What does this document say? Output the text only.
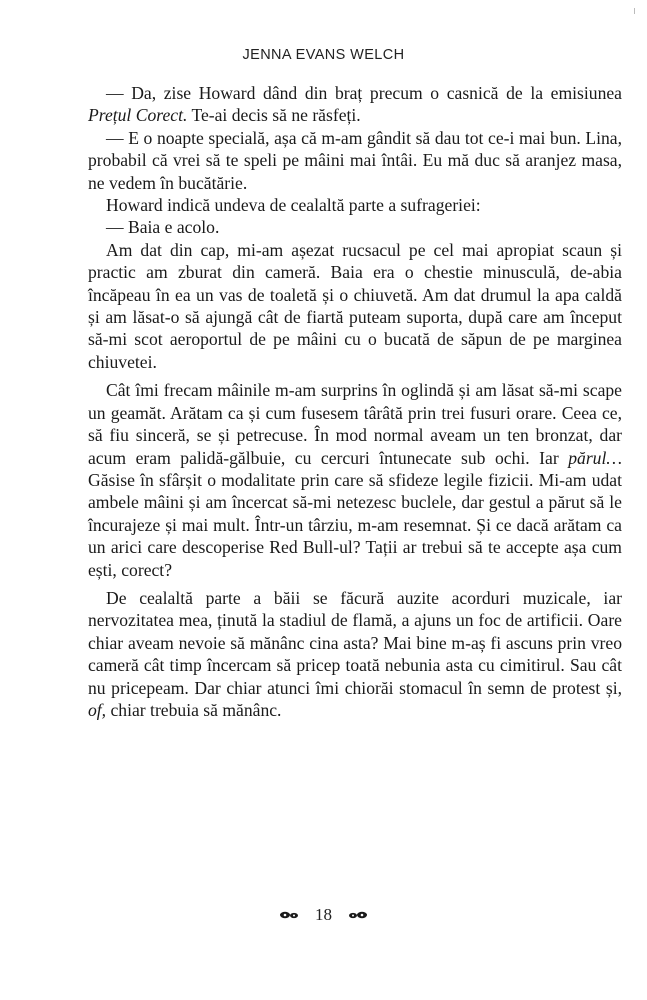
JENNA EVANS WELCH

— Da, zise Howard dând din braț precum o casnică de la emisiunea Prețul Corect. Te-ai decis să ne răsfeți.

— E o noapte specială, așa că m-am gândit să dau tot ce-i mai bun. Lina, probabil că vrei să te speli pe mâini mai întâi. Eu mă duc să aranjez masa, ne vedem în bucătărie.

Howard indică undeva de cealaltă parte a sufrageriei:

— Baia e acolo.

Am dat din cap, mi-am așezat rucsacul pe cel mai apropiat scaun și practic am zburat din cameră. Baia era o chestie minusculă, de-abia încăpeau în ea un vas de toaletă și o chiuvetă. Am dat drumul la apa caldă și am lăsat-o să ajungă cât de fiartă puteam suporta, după care am început să-mi scot aeroportul de pe mâini cu o bucată de săpun de pe marginea chiuvetei.

Cât îmi frecam mâinile m-am surprins în oglindă și am lăsat să-mi scape un geamăt. Arătam ca și cum fusesem târâtă prin trei fusuri orare. Ceea ce, să fiu sinceră, se și petrecuse. În mod normal aveam un ten bronzat, dar acum eram palidă-gălbuie, cu cercuri întunecate sub ochi. Iar părul… Găsise în sfârșit o modalitate prin care să sfideze legile fizicii. Mi-am udat ambele mâini și am încercat să-mi netezesc buclele, dar gestul a părut să le încurajeze și mai mult. Într-un târziu, m-am resemnat. Și ce dacă arătam ca un arici care descoperise Red Bull-ul? Tații ar trebui să te accepte așa cum ești, corect?

De cealaltă parte a băii se făcură auzite acorduri muzicale, iar nervozitatea mea, ținută la stadiul de flamă, a ajuns un foc de artificii. Oare chiar aveam nevoie să mănânc cina asta? Mai bine m-aș fi ascuns prin vreo cameră cât timp încercam să pricep toată nebunia asta cu cimitirul. Sau cât nu pricepeam. Dar chiar atunci îmi chiorăi stomacul în semn de protest și, of, chiar trebuia să mănânc.

18
